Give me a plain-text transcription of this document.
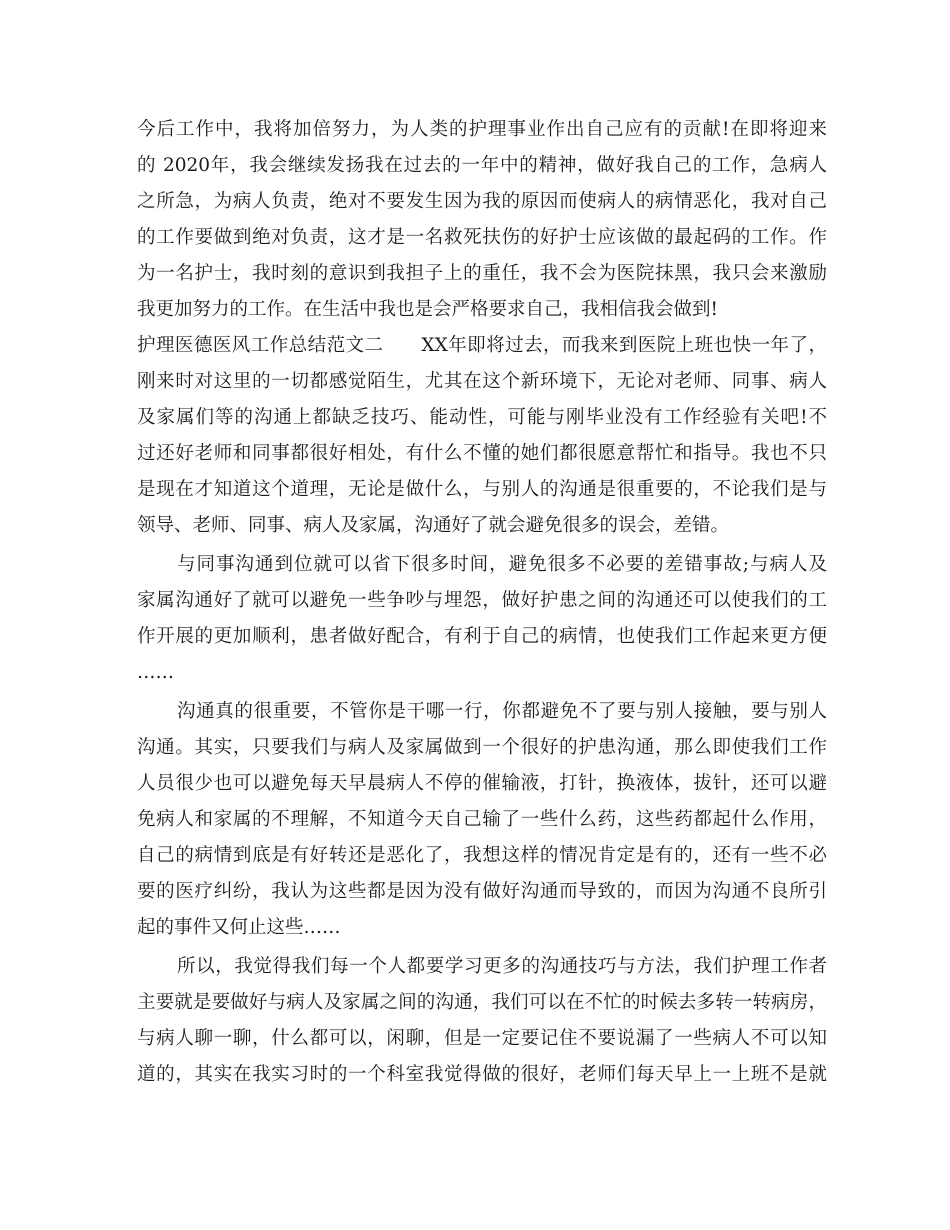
今后工作中，我将加倍努力，为人类的护理事业作出自己应有的贡献!在即将迎来
的 2020年，我会继续发扬我在过去的一年中的精神，做好我自己的工作，急病人
之所急，为病人负责，绝对不要发生因为我的原因而使病人的病情恶化，我对自己
的工作要做到绝对负责，这才是一名救死扶伤的好护士应该做的最起码的工作。作
为一名护士，我时刻的意识到我担子上的重任，我不会为医院抹黑，我只会来激励
我更加努力的工作。在生活中我也是会严格要求自己，我相信我会做到!
护理医德医风工作总结范文二　　XX年即将过去，而我来到医院上班也快一年了，
刚来时对这里的一切都感觉陌生，尤其在这个新环境下，无论对老师、同事、病人
及家属们等的沟通上都缺乏技巧、能动性，可能与刚毕业没有工作经验有关吧!不
过还好老师和同事都很好相处，有什么不懂的她们都很愿意帮忙和指导。我也不只
是现在才知道这个道理，无论是做什么，与别人的沟通是很重要的，不论我们是与
领导、老师、同事、病人及家属，沟通好了就会避免很多的误会，差错。
与同事沟通到位就可以省下很多时间，避免很多不必要的差错事故;与病人及
家属沟通好了就可以避免一些争吵与埋怨，做好护患之间的沟通还可以使我们的工
作开展的更加顺利，患者做好配合，有利于自己的病情，也使我们工作起来更方便
……
沟通真的很重要，不管你是干哪一行，你都避免不了要与别人接触，要与别人
沟通。其实，只要我们与病人及家属做到一个很好的护患沟通，那么即使我们工作
人员很少也可以避免每天早晨病人不停的催输液，打针，换液体，拔针，还可以避
免病人和家属的不理解，不知道今天自己输了一些什么药，这些药都起什么作用，
自己的病情到底是有好转还是恶化了，我想这样的情况肯定是有的，还有一些不必
要的医疗纠纷，我认为这些都是因为没有做好沟通而导致的，而因为沟通不良所引
起的事件又何止这些……
所以，我觉得我们每一个人都要学习更多的沟通技巧与方法，我们护理工作者
主要就是要做好与病人及家属之间的沟通，我们可以在不忙的时候去多转一转病房，
与病人聊一聊，什么都可以，闲聊，但是一定要记住不要说漏了一些病人不可以知
道的，其实在我实习时的一个科室我觉得做的很好，老师们每天早上一上班不是就
